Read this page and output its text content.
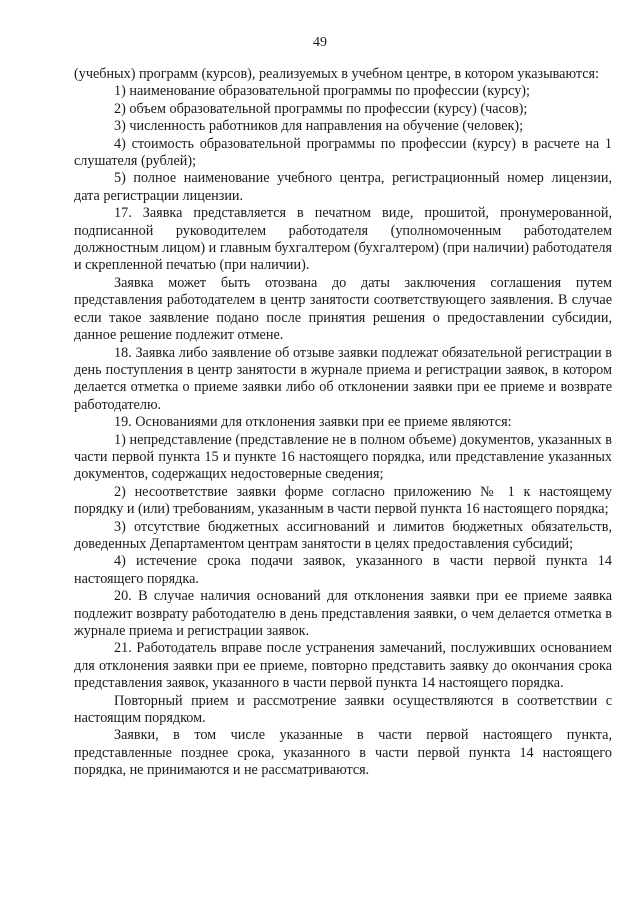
49

(учебных) программ (курсов), реализуемых в учебном центре, в котором указываются:

1) наименование образовательной программы по профессии (курсу);

2) объем образовательной программы по профессии (курсу) (часов);

3) численность работников для направления на обучение (человек);

4) стоимость образовательной программы по профессии (курсу) в расчете на 1 слушателя (рублей);

5) полное наименование учебного центра, регистрационный номер лицензии, дата регистрации лицензии.

17. Заявка представляется в печатном виде, прошитой, пронумерованной, подписанной руководителем работодателя (уполномоченным работодателем должностным лицом) и главным бухгалтером (бухгалтером) (при наличии) работодателя и скрепленной печатью (при наличии).

Заявка может быть отозвана до даты заключения соглашения путем представления работодателем в центр занятости соответствующего заявления. В случае если такое заявление подано после принятия решения о предоставлении субсидии, данное решение подлежит отмене.

18. Заявка либо заявление об отзыве заявки подлежат обязательной регистрации в день поступления в центр занятости в журнале приема и регистрации заявок, в котором делается отметка о приеме заявки либо об отклонении заявки при ее приеме и возврате работодателю.

19. Основаниями для отклонения заявки при ее приеме являются:

1) непредставление (представление не в полном объеме) документов, указанных в части первой пункта 15 и пункте 16 настоящего порядка, или представление указанных документов, содержащих недостоверные сведения;

2) несоответствие заявки форме согласно приложению № 1 к настоящему порядку и (или) требованиям, указанным в части первой пункта 16 настоящего порядка;

3) отсутствие бюджетных ассигнований и лимитов бюджетных обязательств, доведенных Департаментом центрам занятости в целях предоставления субсидий;

4) истечение срока подачи заявок, указанного в части первой пункта 14 настоящего порядка.

20. В случае наличия оснований для отклонения заявки при ее приеме заявка подлежит возврату работодателю в день представления заявки, о чем делается отметка в журнале приема и регистрации заявок.

21. Работодатель вправе после устранения замечаний, послуживших основанием для отклонения заявки при ее приеме, повторно представить заявку до окончания срока представления заявок, указанного в части первой пункта 14 настоящего порядка.

Повторный прием и рассмотрение заявки осуществляются в соответствии с настоящим порядком.

Заявки, в том числе указанные в части первой настоящего пункта, представленные позднее срока, указанного в части первой пункта 14 настоящего порядка, не принимаются и не рассматриваются.
